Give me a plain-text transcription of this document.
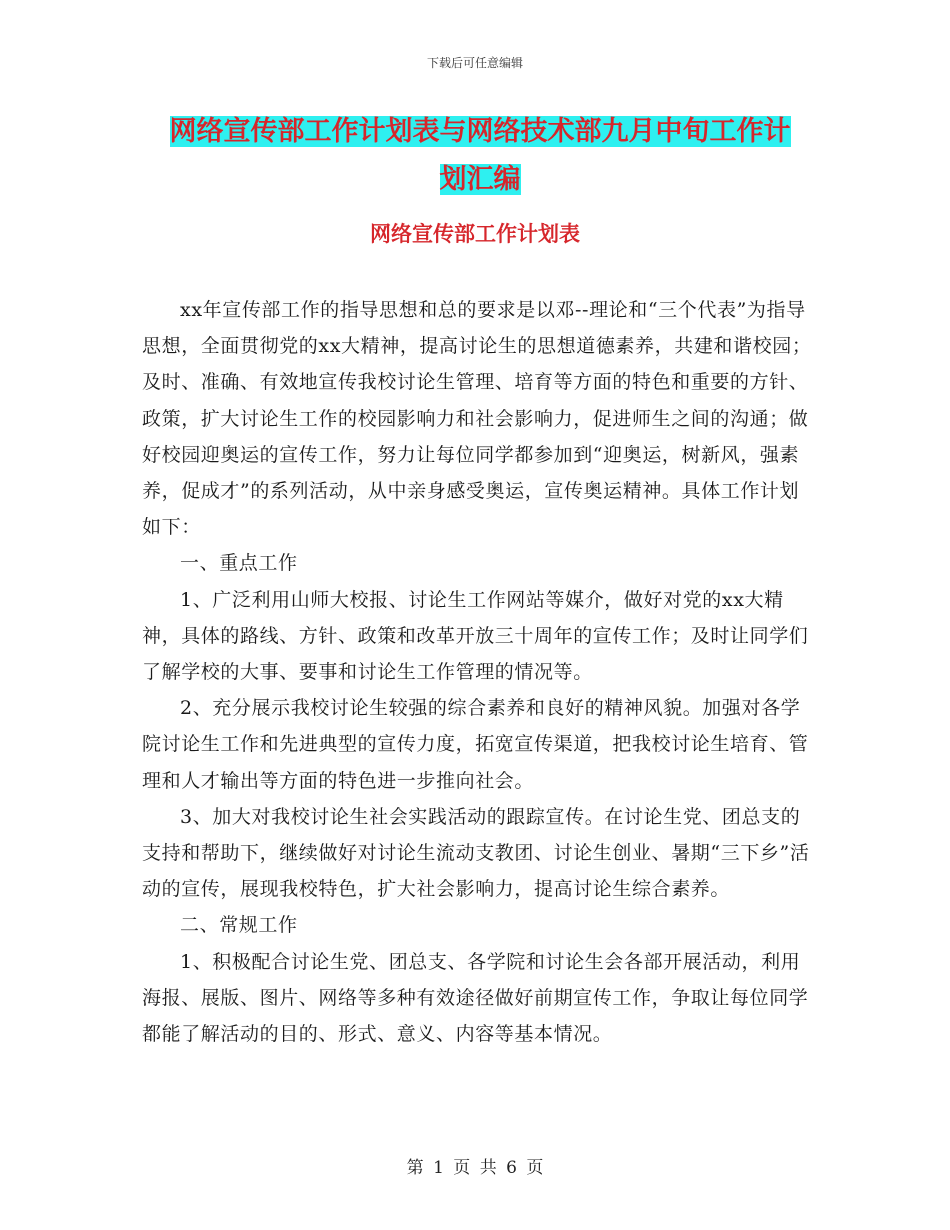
下载后可任意编辑
网络宣传部工作计划表与网络技术部九月中旬工作计
划汇编
网络宣传部工作计划表

xx年宣传部工作的指导思想和总的要求是以邓--理论和“三个代表”为指导思想，全面贯彻党的xx大精神，提高讨论生的思想道德素养，共建和谐校园；及时、准确、有效地宣传我校讨论生管理、培育等方面的特色和重要的方针、政策，扩大讨论生工作的校园影响力和社会影响力，促进师生之间的沟通；做好校园迎奥运的宣传工作，努力让每位同学都参加到“迎奥运，树新风，强素养，促成才”的系列活动，从中亲身感受奥运，宣传奥运精神。具体工作计划如下：

一、重点工作

1、广泛利用山师大校报、讨论生工作网站等媒介，做好对党的xx大精神，具体的路线、方针、政策和改革开放三十周年的宣传工作；及时让同学们了解学校的大事、要事和讨论生工作管理的情况等。

2、充分展示我校讨论生较强的综合素养和良好的精神风貌。加强对各学院讨论生工作和先进典型的宣传力度，拓宽宣传渠道，把我校讨论生培育、管理和人才输出等方面的特色进一步推向社会。

3、加大对我校讨论生社会实践活动的跟踪宣传。在讨论生党、团总支的支持和帮助下，继续做好对讨论生流动支教团、讨论生创业、暑期“三下乡”活动的宣传，展现我校特色，扩大社会影响力，提高讨论生综合素养。

二、常规工作

1、积极配合讨论生党、团总支、各学院和讨论生会各部开展活动，利用海报、展版、图片、网络等多种有效途径做好前期宣传工作，争取让每位同学都能了解活动的目的、形式、意义、内容等基本情况。

第 1 页 共 6 页
